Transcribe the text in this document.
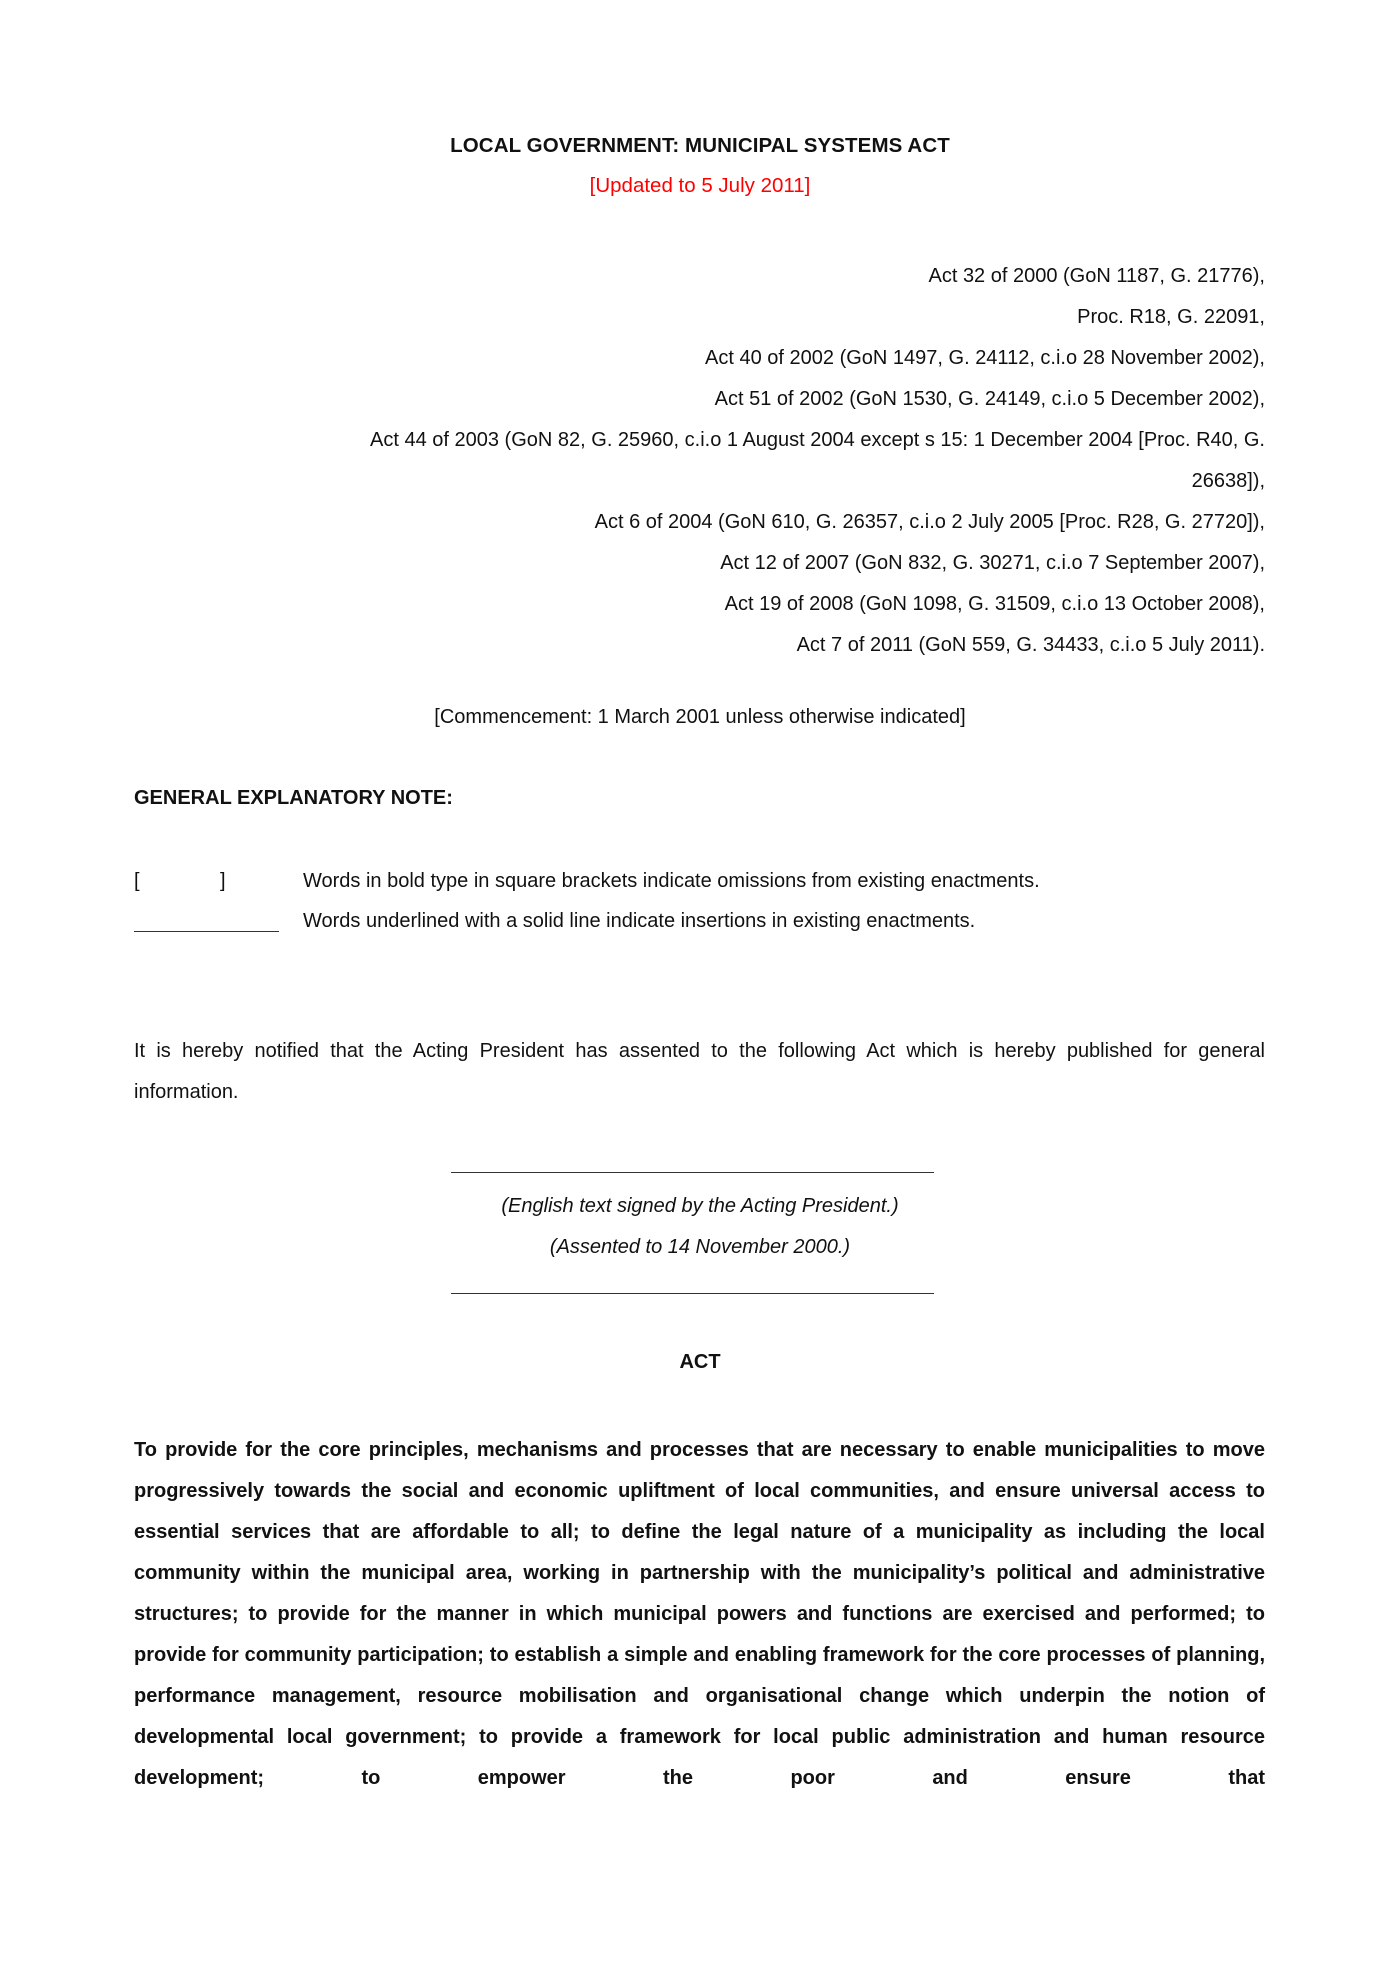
LOCAL GOVERNMENT: MUNICIPAL SYSTEMS ACT
[Updated to 5 July 2011]
Act 32 of 2000 (GoN 1187, G. 21776),
Proc. R18, G. 22091,
Act 40 of 2002 (GoN 1497, G. 24112, c.i.o 28 November 2002),
Act 51 of 2002 (GoN 1530, G. 24149, c.i.o 5 December 2002),
Act 44 of 2003 (GoN 82, G. 25960, c.i.o 1 August 2004 except s 15: 1 December 2004 [Proc. R40, G.
26638]),
Act 6 of 2004 (GoN 610, G. 26357, c.i.o 2 July 2005 [Proc. R28, G. 27720]),
Act 12 of 2007 (GoN 832, G. 30271, c.i.o 7 September 2007),
Act 19 of 2008 (GoN 1098, G. 31509, c.i.o 13 October 2008),
Act 7 of 2011 (GoN 559, G. 34433, c.i.o 5 July 2011).
[Commencement: 1 March 2001 unless otherwise indicated]
GENERAL EXPLANATORY NOTE:
[	]	Words in bold type in square brackets indicate omissions from existing enactments.
Words underlined with a solid line indicate insertions in existing enactments.
It is hereby notified that the Acting President has assented to the following Act which is hereby published for general information.
(English text signed by the Acting President.)
(Assented to 14 November 2000.)
ACT
To provide for the core principles, mechanisms and processes that are necessary to enable municipalities to move progressively towards the social and economic upliftment of local communities, and ensure universal access to essential services that are affordable to all; to define the legal nature of a municipality as including the local community within the municipal area, working in partnership with the municipality’s political and administrative structures; to provide for the manner in which municipal powers and functions are exercised and performed; to provide for community participation; to establish a simple and enabling framework for the core processes of planning, performance management, resource mobilisation and organisational change which underpin the notion of developmental local government; to provide a framework for local public administration and human resource development; to empower the poor and ensure that
